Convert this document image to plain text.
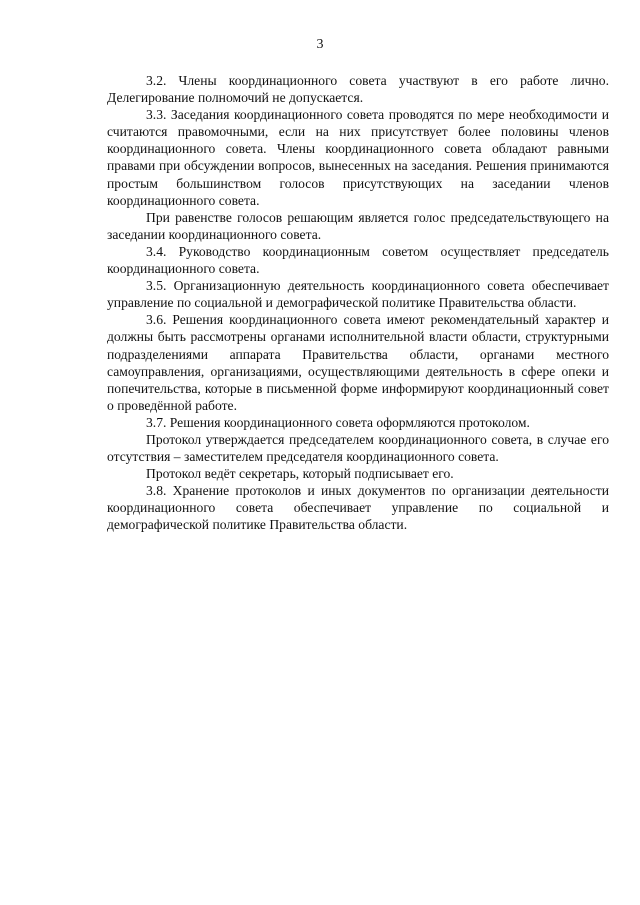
3

3.2. Члены координационного совета участвуют в его работе лично. Делегирование полномочий не допускается.

3.3. Заседания координационного совета проводятся по мере необходимости и считаются правомочными, если на них присутствует более половины членов координационного совета. Члены координационного совета обладают равными правами при обсуждении вопросов, вынесенных на заседания. Решения принимаются простым большинством голосов присутствующих на заседании членов координационного совета.

При равенстве голосов решающим является голос председательствующего на заседании координационного совета.

3.4. Руководство координационным советом осуществляет председатель координационного совета.

3.5. Организационную деятельность координационного совета обеспечивает управление по социальной и демографической политике Правительства области.

3.6. Решения координационного совета имеют рекомендательный характер и должны быть рассмотрены органами исполнительной власти области, структурными подразделениями аппарата Правительства области, органами местного самоуправления, организациями, осуществляющими деятельность в сфере опеки и попечительства, которые в письменной форме информируют координационный совет о проведённой работе.

3.7. Решения координационного совета оформляются протоколом.

Протокол утверждается председателем координационного совета, в случае его отсутствия – заместителем председателя координационного совета.

Протокол ведёт секретарь, который подписывает его.

3.8. Хранение протоколов и иных документов по организации деятельности координационного совета обеспечивает управление по социальной и демографической политике Правительства области.
